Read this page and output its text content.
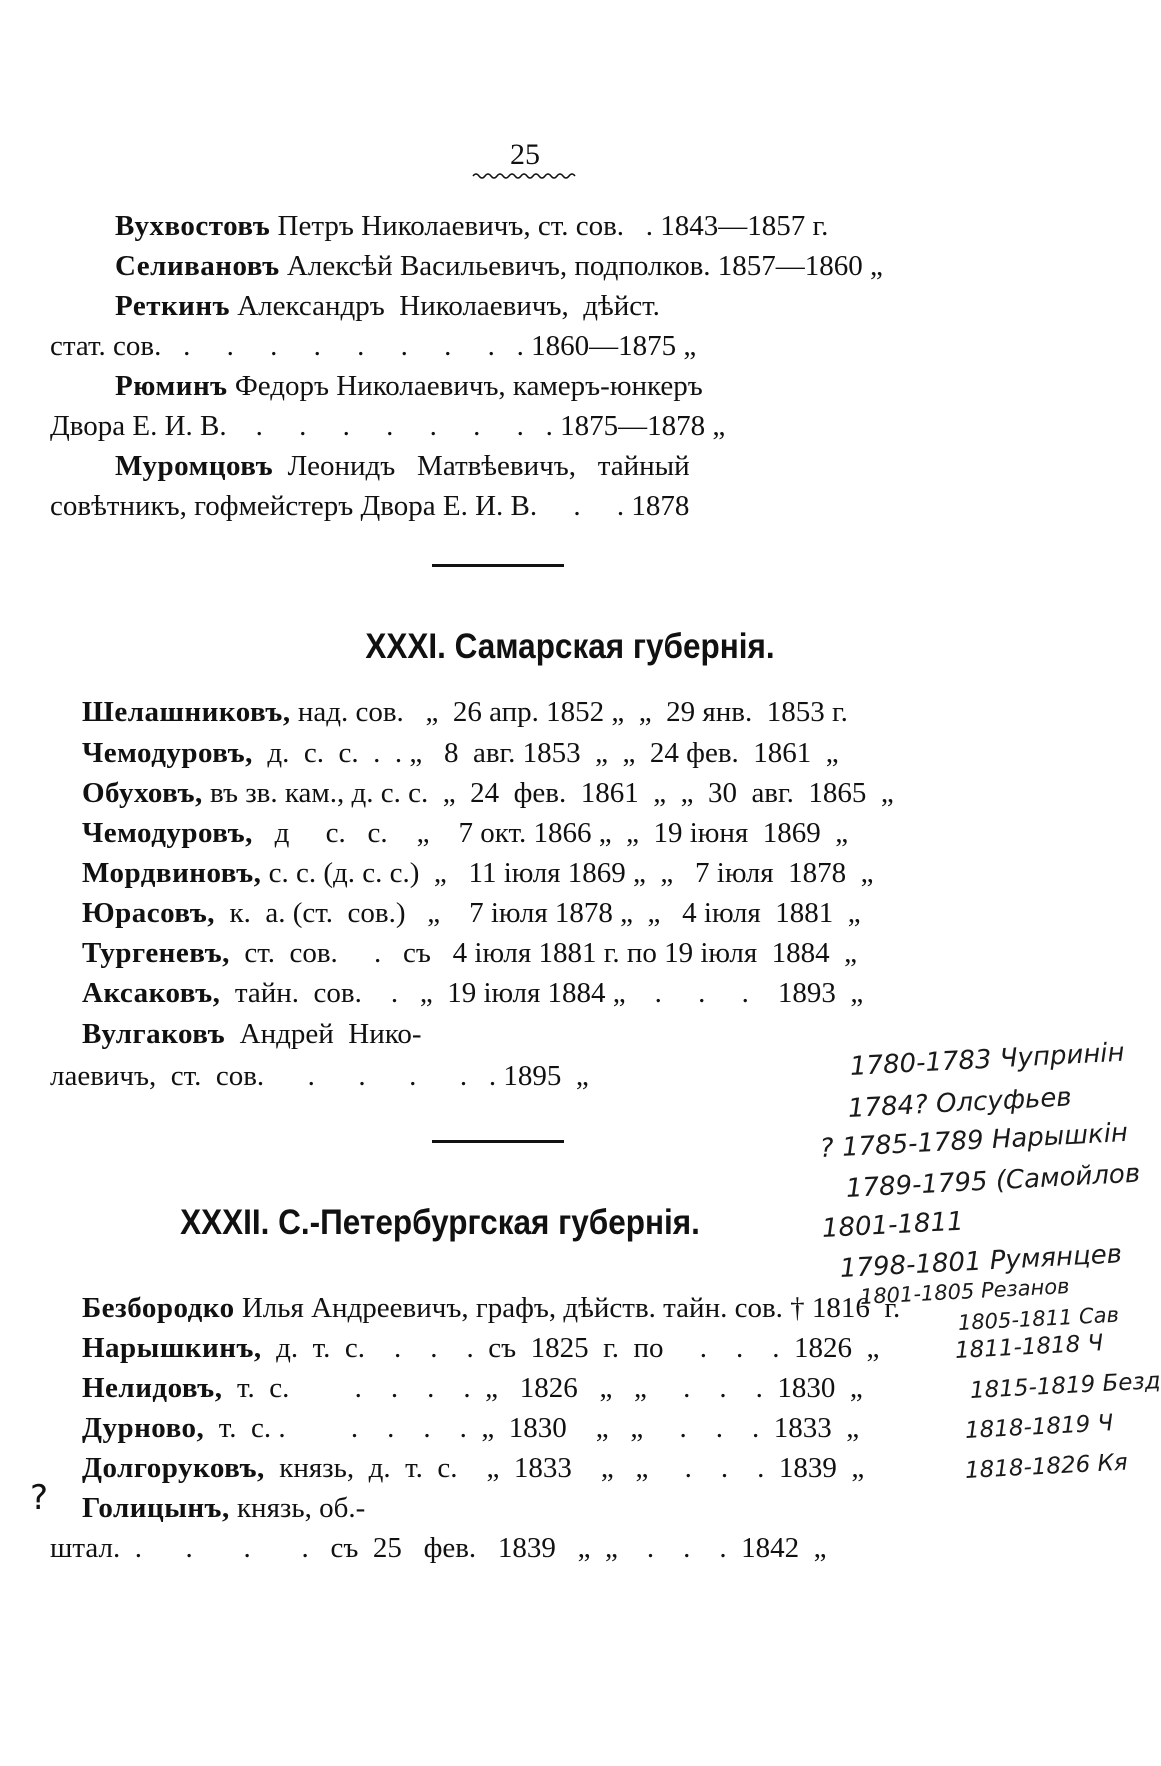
25
Вухвостовъ Петръ Николаевичъ, ст. сов.   . 1843—1857 г.
Селивановъ Алексѣй Васильевичъ, подполков. 1857—1860 „
Реткинъ Александръ  Николаевичъ,  дѣйст.
стат. сов.   .     .     .     .     .     .     .     .   . 1860—1875 „
Рюминъ Федоръ Николаевичъ, камеръ-юнкеръ
Двора Е. И. В.    .     .     .     .     .     .     .   . 1875—1878 „
Муромцовъ  Леонидъ   Матвѣевичъ,   тайный
совѣтникъ, гофмейстеръ Двора Е. И. В.     .     . 1878
XXXI. Самарская губернія.
Шелашниковъ, над. сов.   „  26 апр. 1852 „  „  29 янв.  1853 г.
Чемодуровъ,  д.  с.  с.  .  . „   8  авг. 1853  „  „  24 фев.  1861  „
Обуховъ, въ зв. кам., д. с. с.  „  24  фев.  1861  „  „  30  авг.  1865  „
Чемодуровъ,   д     с.   с.    „    7 окт. 1866 „  „  19 іюня  1869  „
Мордвиновъ, с. с. (д. с. с.)  „   11 іюля 1869 „  „   7 іюля  1878  „
Юрасовъ,  к.  а. (ст.  сов.)   „    7 іюля 1878 „  „   4 іюля  1881  „
Тургеневъ,  ст.  сов.     .   съ   4 іюля 1881 г. по 19 іюля  1884  „
Аксаковъ,  тайн.  сов.    .   „  19 іюля 1884 „    .     .     .    1893  „
Вулгаковъ  Андрей  Нико-
лаевичъ,  ст.  сов.      .      .      .      .   . 1895  „
XXXII. С.-Петербургская губернія.
Безбородко Илья Андреевичъ, графъ, дѣйств. тайн. сов. † 1816  г.
Нарышкинъ,  д.  т.  с.    .    .    .  съ  1825  г.  по     .    .    .  1826  „
Нелидовъ,  т.  с.         .    .    .    .  „   1826   „   „     .    .    .  1830  „
Дурново,  т.  с. .         .    .    .    .  „  1830    „   „     .    .    .  1833  „
Долгоруковъ,  князь,  д.  т.  с.    „  1833    „   „     .    .    .  1839  „
Голицынъ, князь, об.-
штал.  .      .       .       .   съ  25   фев.   1839   „  „    .    .    .  1842  „
?
1780-1783 Чупринін
1784? Олсуфьев
? 1785-1789 Нарышкін
1789-1795 (Самойлов
1801-1811
1798-1801 Румянцев
1801-1805 Резанов
1805-1811 Сав
1811-1818 Ч
1815-1819 Безд
1818-1819 Ч
1818-1826 Кя
